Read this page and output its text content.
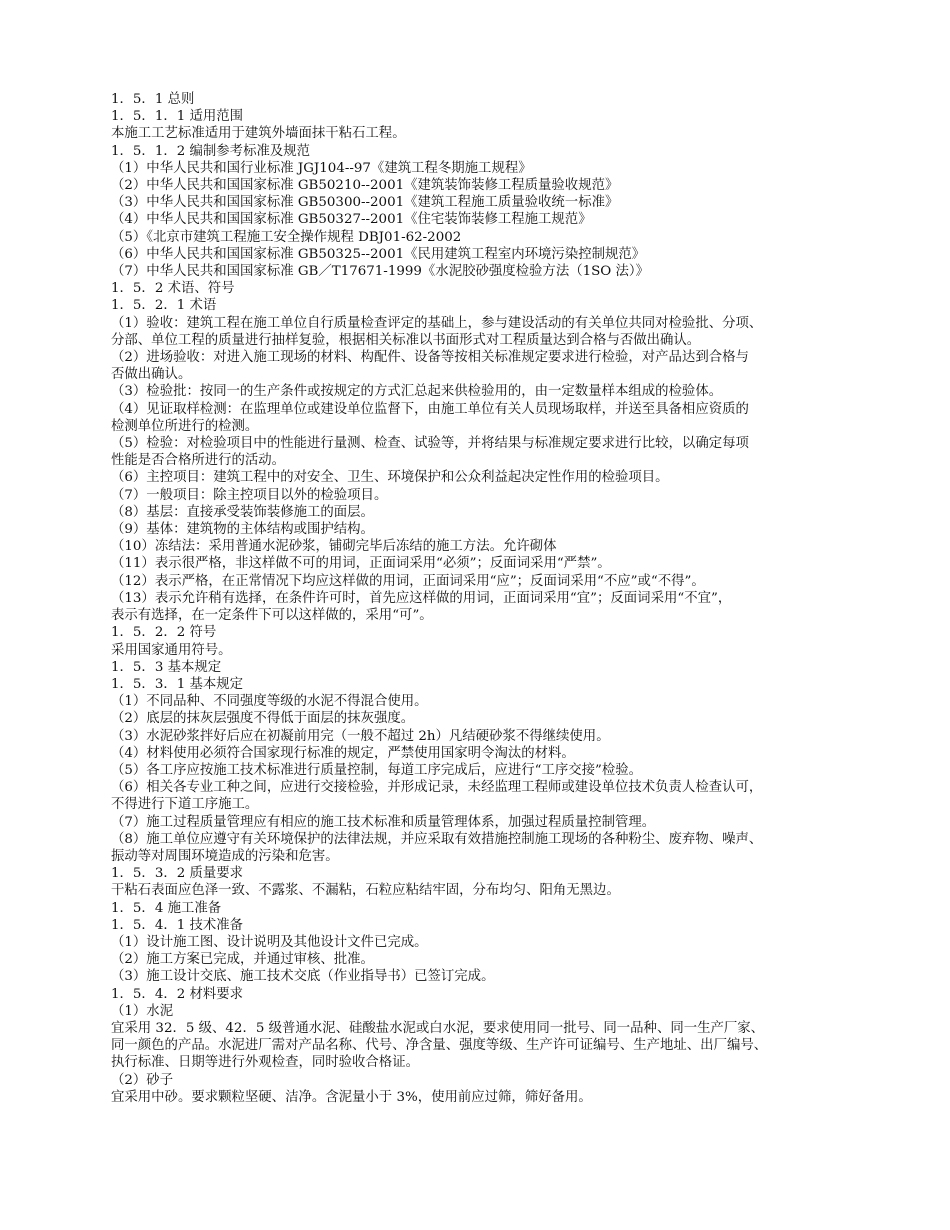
1．5．1 总则
1．5．1．1 适用范围
本施工工艺标准适用于建筑外墙面抹干粘石工程。
1．5．1．2 编制参考标准及规范
（1）中华人民共和国行业标准 JGJ104--97《建筑工程冬期施工规程》
（2）中华人民共和国国家标准 GB50210--2001《建筑装饰装修工程质量验收规范》
（3）中华人民共和国国家标准 GB50300--2001《建筑工程施工质量验收统一标准》
（4）中华人民共和国国家标准 GB50327--2001《住宅装饰装修工程施工规范》
（5）《北京市建筑工程施工安全操作规程 DBJ01-62-2002
（6）中华人民共和国国家标准 GB50325--2001《民用建筑工程室内环境污染控制规范》
（7）中华人民共和国国家标准 GB／T17671-1999《水泥胶砂强度检验方法（1SO 法）》
1．5．2 术语、符号
1．5．2．1 术语
（1）验收：建筑工程在施工单位自行质量检查评定的基础上，参与建设活动的有关单位共同对检验批、分项、
分部、单位工程的质量进行抽样复验，根据相关标准以书面形式对工程质量达到合格与否做出确认。
（2）进场验收：对进入施工现场的材料、构配件、设备等按相关标准规定要求进行检验，对产品达到合格与
否做出确认。
（3）检验批：按同一的生产条件或按规定的方式汇总起来供检验用的，由一定数量样本组成的检验体。
（4）见证取样检测：在监理单位或建设单位监督下，由施工单位有关人员现场取样，并送至具备相应资质的
检测单位所进行的检测。
（5）检验：对检验项目中的性能进行量测、检查、试验等，并将结果与标准规定要求进行比较，以确定每项
性能是否合格所进行的活动。
（6）主控项目：建筑工程中的对安全、卫生、环境保护和公众利益起决定性作用的检验项目。
（7）一般项目：除主控项目以外的检验项目。
（8）基层：直接承受装饰装修施工的面层。
（9）基体：建筑物的主体结构或围护结构。
（10）冻结法：采用普通水泥砂浆，铺砌完毕后冻结的施工方法。允许砌体
（11）表示很严格，非这样做不可的用词，正面词采用“必须”；反面词采用“严禁”。
（12）表示严格，在正常情况下均应这样做的用词，正面词采用“应”；反面词采用“不应”或“不得”。
（13）表示允许稍有选择，在条件许可时，首先应这样做的用词，正面词采用“宜”；反面词采用“不宜”，
表示有选择，在一定条件下可以这样做的，采用“可”。
1．5．2．2 符号
采用国家通用符号。
1．5．3 基本规定
1．5．3．1 基本规定
（1）不同品种、不同强度等级的水泥不得混合使用。
（2）底层的抹灰层强度不得低于面层的抹灰强度。
（3）水泥砂浆拌好后应在初凝前用完（一般不超过 2h）凡结硬砂浆不得继续使用。
（4）材料使用必须符合国家现行标准的规定，严禁使用国家明令淘汰的材料。
（5）各工序应按施工技术标准进行质量控制，每道工序完成后，应进行“工序交接”检验。
（6）相关各专业工种之间，应进行交接检验，并形成记录，未经监理工程师或建设单位技术负责人检查认可，
不得进行下道工序施工。
（7）施工过程质量管理应有相应的施工技术标准和质量管理体系，加强过程质量控制管理。
（8）施工单位应遵守有关环境保护的法律法规，并应采取有效措施控制施工现场的各种粉尘、废弃物、噪声、
振动等对周围环境造成的污染和危害。
1．5．3．2 质量要求
干粘石表面应色泽一致、不露浆、不漏粘，石粒应粘结牢固，分布均匀、阳角无黑边。
1．5．4 施工准备
1．5．4．1 技术准备
（1）设计施工图、设计说明及其他设计文件已完成。
（2）施工方案已完成，并通过审核、批准。
（3）施工设计交底、施工技术交底（作业指导书）已签订完成。
1．5．4．2 材料要求
（1）水泥
宜采用 32．5 级、42．5 级普通水泥、硅酸盐水泥或白水泥，要求使用同一批号、同一品种、同一生产厂家、
同一颜色的产品。水泥进厂需对产品名称、代号、净含量、强度等级、生产许可证编号、生产地址、出厂编号、
执行标准、日期等进行外观检查，同时验收合格证。
（2）砂子
宜采用中砂。要求颗粒坚硬、洁净。含泥量小于 3%，使用前应过筛，筛好备用。
